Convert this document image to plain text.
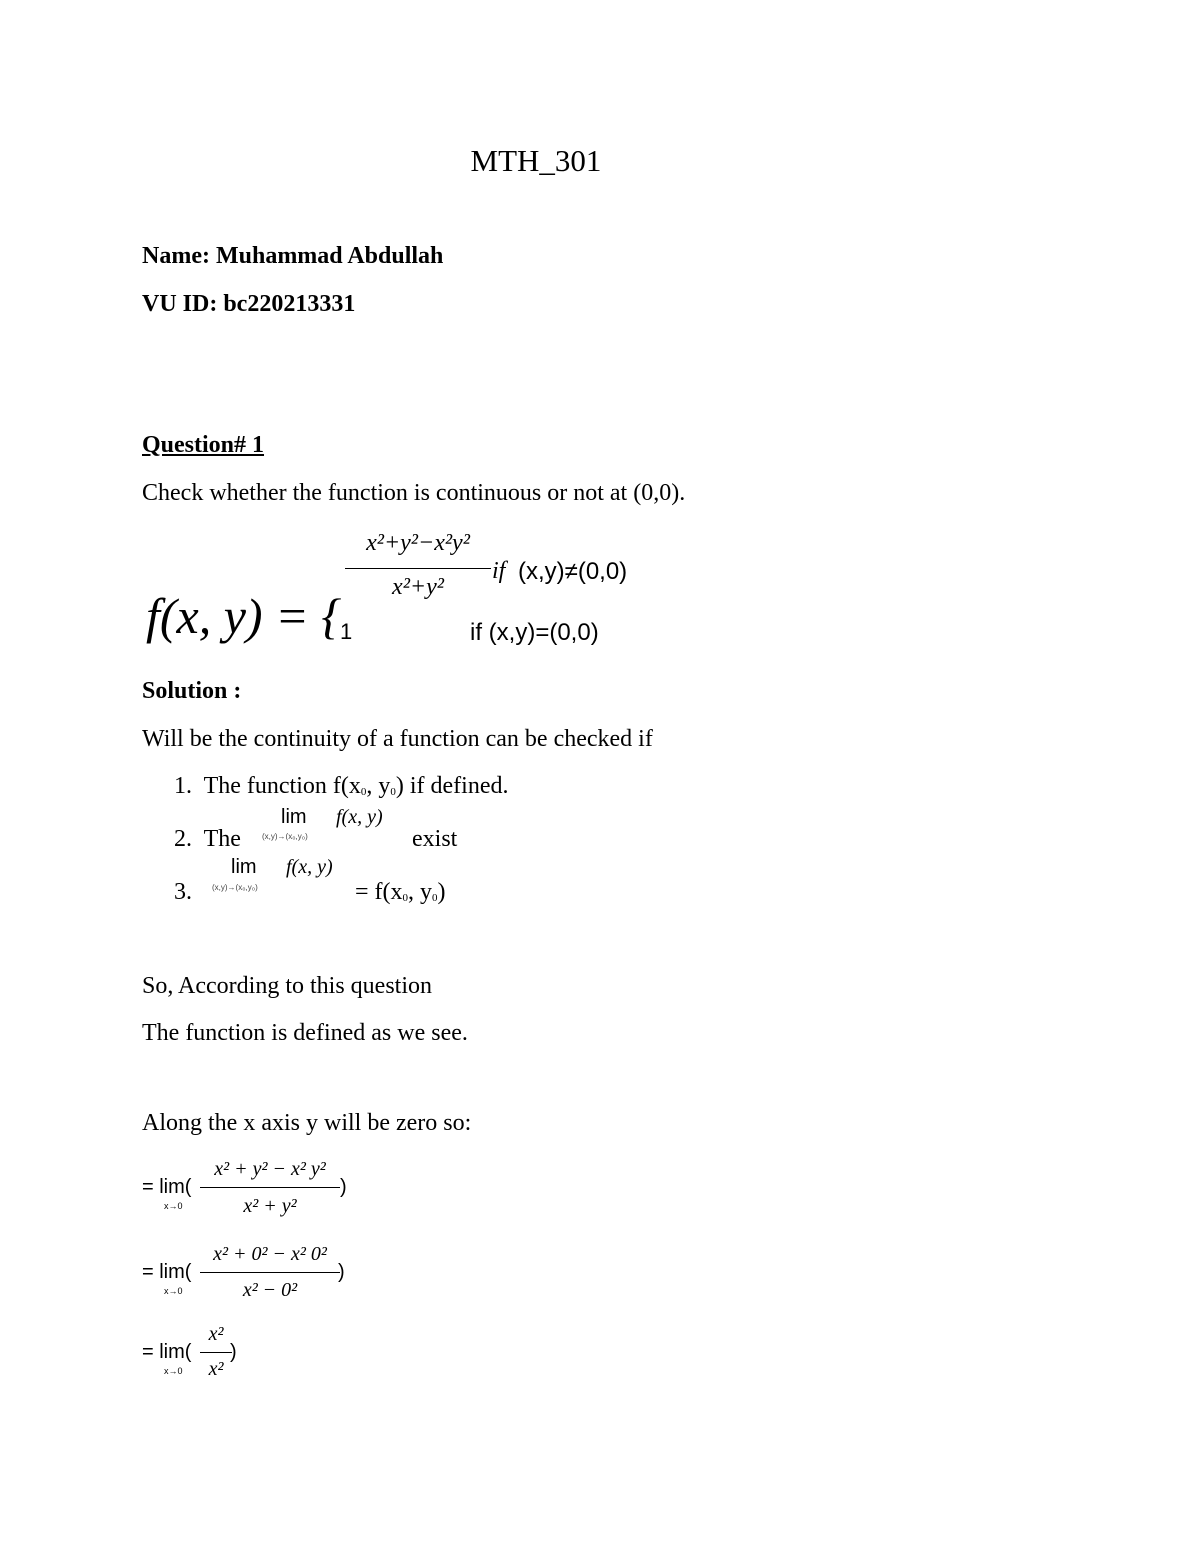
MTH_301
Name: Muhammad Abdullah
VU ID: bc220213331
Question# 1
Check whether the function is continuous or not at (0,0).
f(x, y) = {
x²+y²−x²y²
x²+y²
if (x,y)≠(0,0)
1	if (x,y)=(0,0)
Solution :
Will be the continuity of a function can be checked if
1. The function $f(x_0$, $y_0$) if defined.
2. The
lim
(x,y)→(x₀,y₀)
f(x, y)
exist
3.
lim
(x,y)→(x₀,y₀)
f(x, y)
= $f(x_0$, $y_0$)
So, According to this question
The function is defined as we see.
Along the x axis y will be zero so:
= lim(
x→0
x² + y² − x² y²
x² + y²
)
= lim(
x→0
x² + 0² − x² 0²
x² − 0²
)
= lim(
x→0
x²
x²
)
